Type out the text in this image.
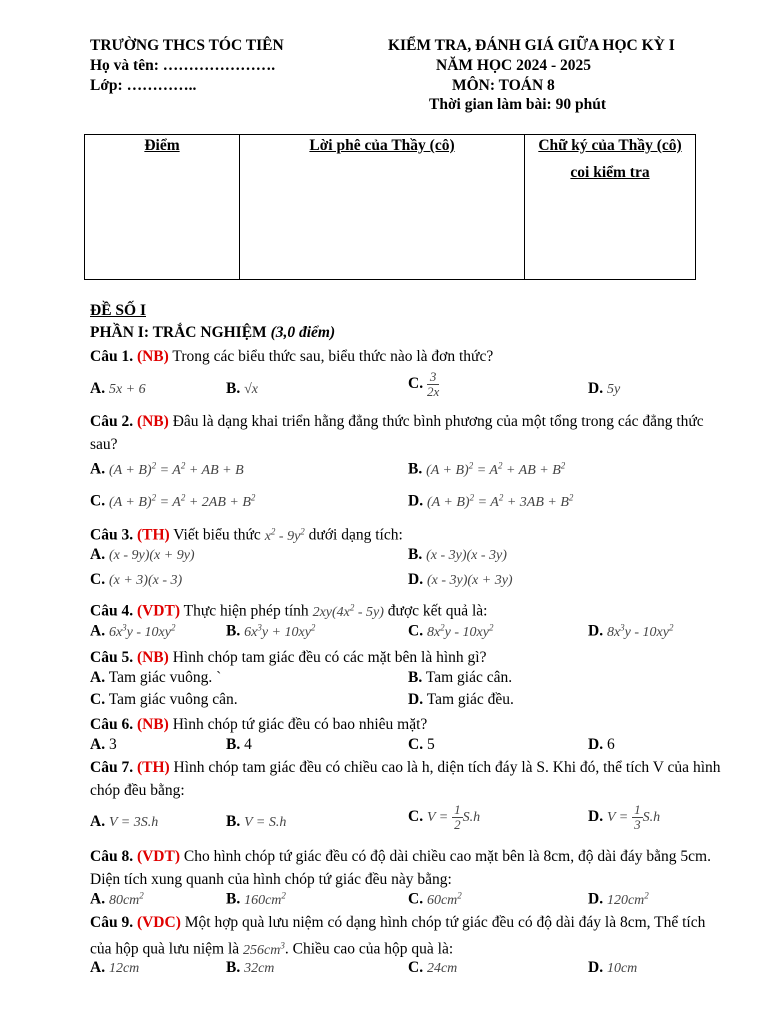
TRƯỜNG THCS TÓC TIÊN
Họ và tên: ………………….
Lớp: …………..
KIỂM TRA, ĐÁNH GIÁ GIỮA HỌC KỲ I
NĂM HỌC 2024 - 2025
MÔN: TOÁN 8
Thời gian làm bài: 90 phút
Điểm	Lời phê của Thầy (cô)	Chữ ký của Thầy (cô)
coi kiểm tra
ĐỀ SỐ I
PHẦN I: TRẮC NGHIỆM (3,0 điểm)
Câu 1. (NB) Trong các biểu thức sau, biểu thức nào là đơn thức?
A. 5x + 6	B. √x	C. $\frac{3}{2x}$	D. 5y
Câu 2. (NB) Đâu là dạng khai triển hằng đẳng thức bình phương của một tổng trong các đẳng thức sau?
A. $(A + B)^2 = A^2$ + AB + B	B. $(A + B)^2 = A^2$ + AB + $B^2$
C. $(A + B)^2 = A^2 + 2AB + B^2$	D. $(A + B)^2 = A^2 + 3AB + B^2$
Câu 3. (TH) Viết biểu thức $x^2 - 9y^2$ dưới dạng tích:
A. (x - 9y)(x + 9y)	B. (x - 3y)(x - 3y)
C. (x + 3)(x - 3)	D. (x - 3y)(x + 3y)
Câu 4. (VDT) Thực hiện phép tính $2xy(4x^2 - 5y)$ được kết quả là:
A. $6x^3y - 10xy^2$	B. $6x^3y + 10xy^2$	C. $8x^2y - 10xy^2$	D. $8x^3y - 10xy^2$
Câu 5. (NB) Hình chóp tam giác đều có các mặt bên là hình gì?
A. Tam giác vuông. `	B. Tam giác cân.
C. Tam giác vuông cân.	D. Tam giác đều.
Câu 6. (NB) Hình chóp tứ giác đều có bao nhiêu mặt?
A. 3	B. 4	C. 5	D. 6
Câu 7. (TH) Hình chóp tam giác đều có chiều cao là h, diện tích đáy là S. Khi đó, thể tích V của hình chóp đều bằng:
A. V = 3S.h	B. V = S.h	C. $V = \frac{1}{2} S.h$	D. $V = \frac{1}{3} S.h$
Câu 8. (VDT) Cho hình chóp tứ giác đều có độ dài chiều cao mặt bên là 8cm, độ dài đáy bằng 5cm. Diện tích xung quanh của hình chóp tứ giác đều này bằng:
A. $80cm^2$	B. $160cm^2$	C. $60cm^2$	D. $120cm^2$
Câu 9. (VDC) Một hợp quà lưu niệm có dạng hình chóp tứ giác đều có độ dài đáy là 8cm, Thể tích của hộp quà lưu niệm là $256cm^3$. Chiều cao của hộp quà là:
A. 12cm	B. 32cm	C. 24cm	D. 10cm
